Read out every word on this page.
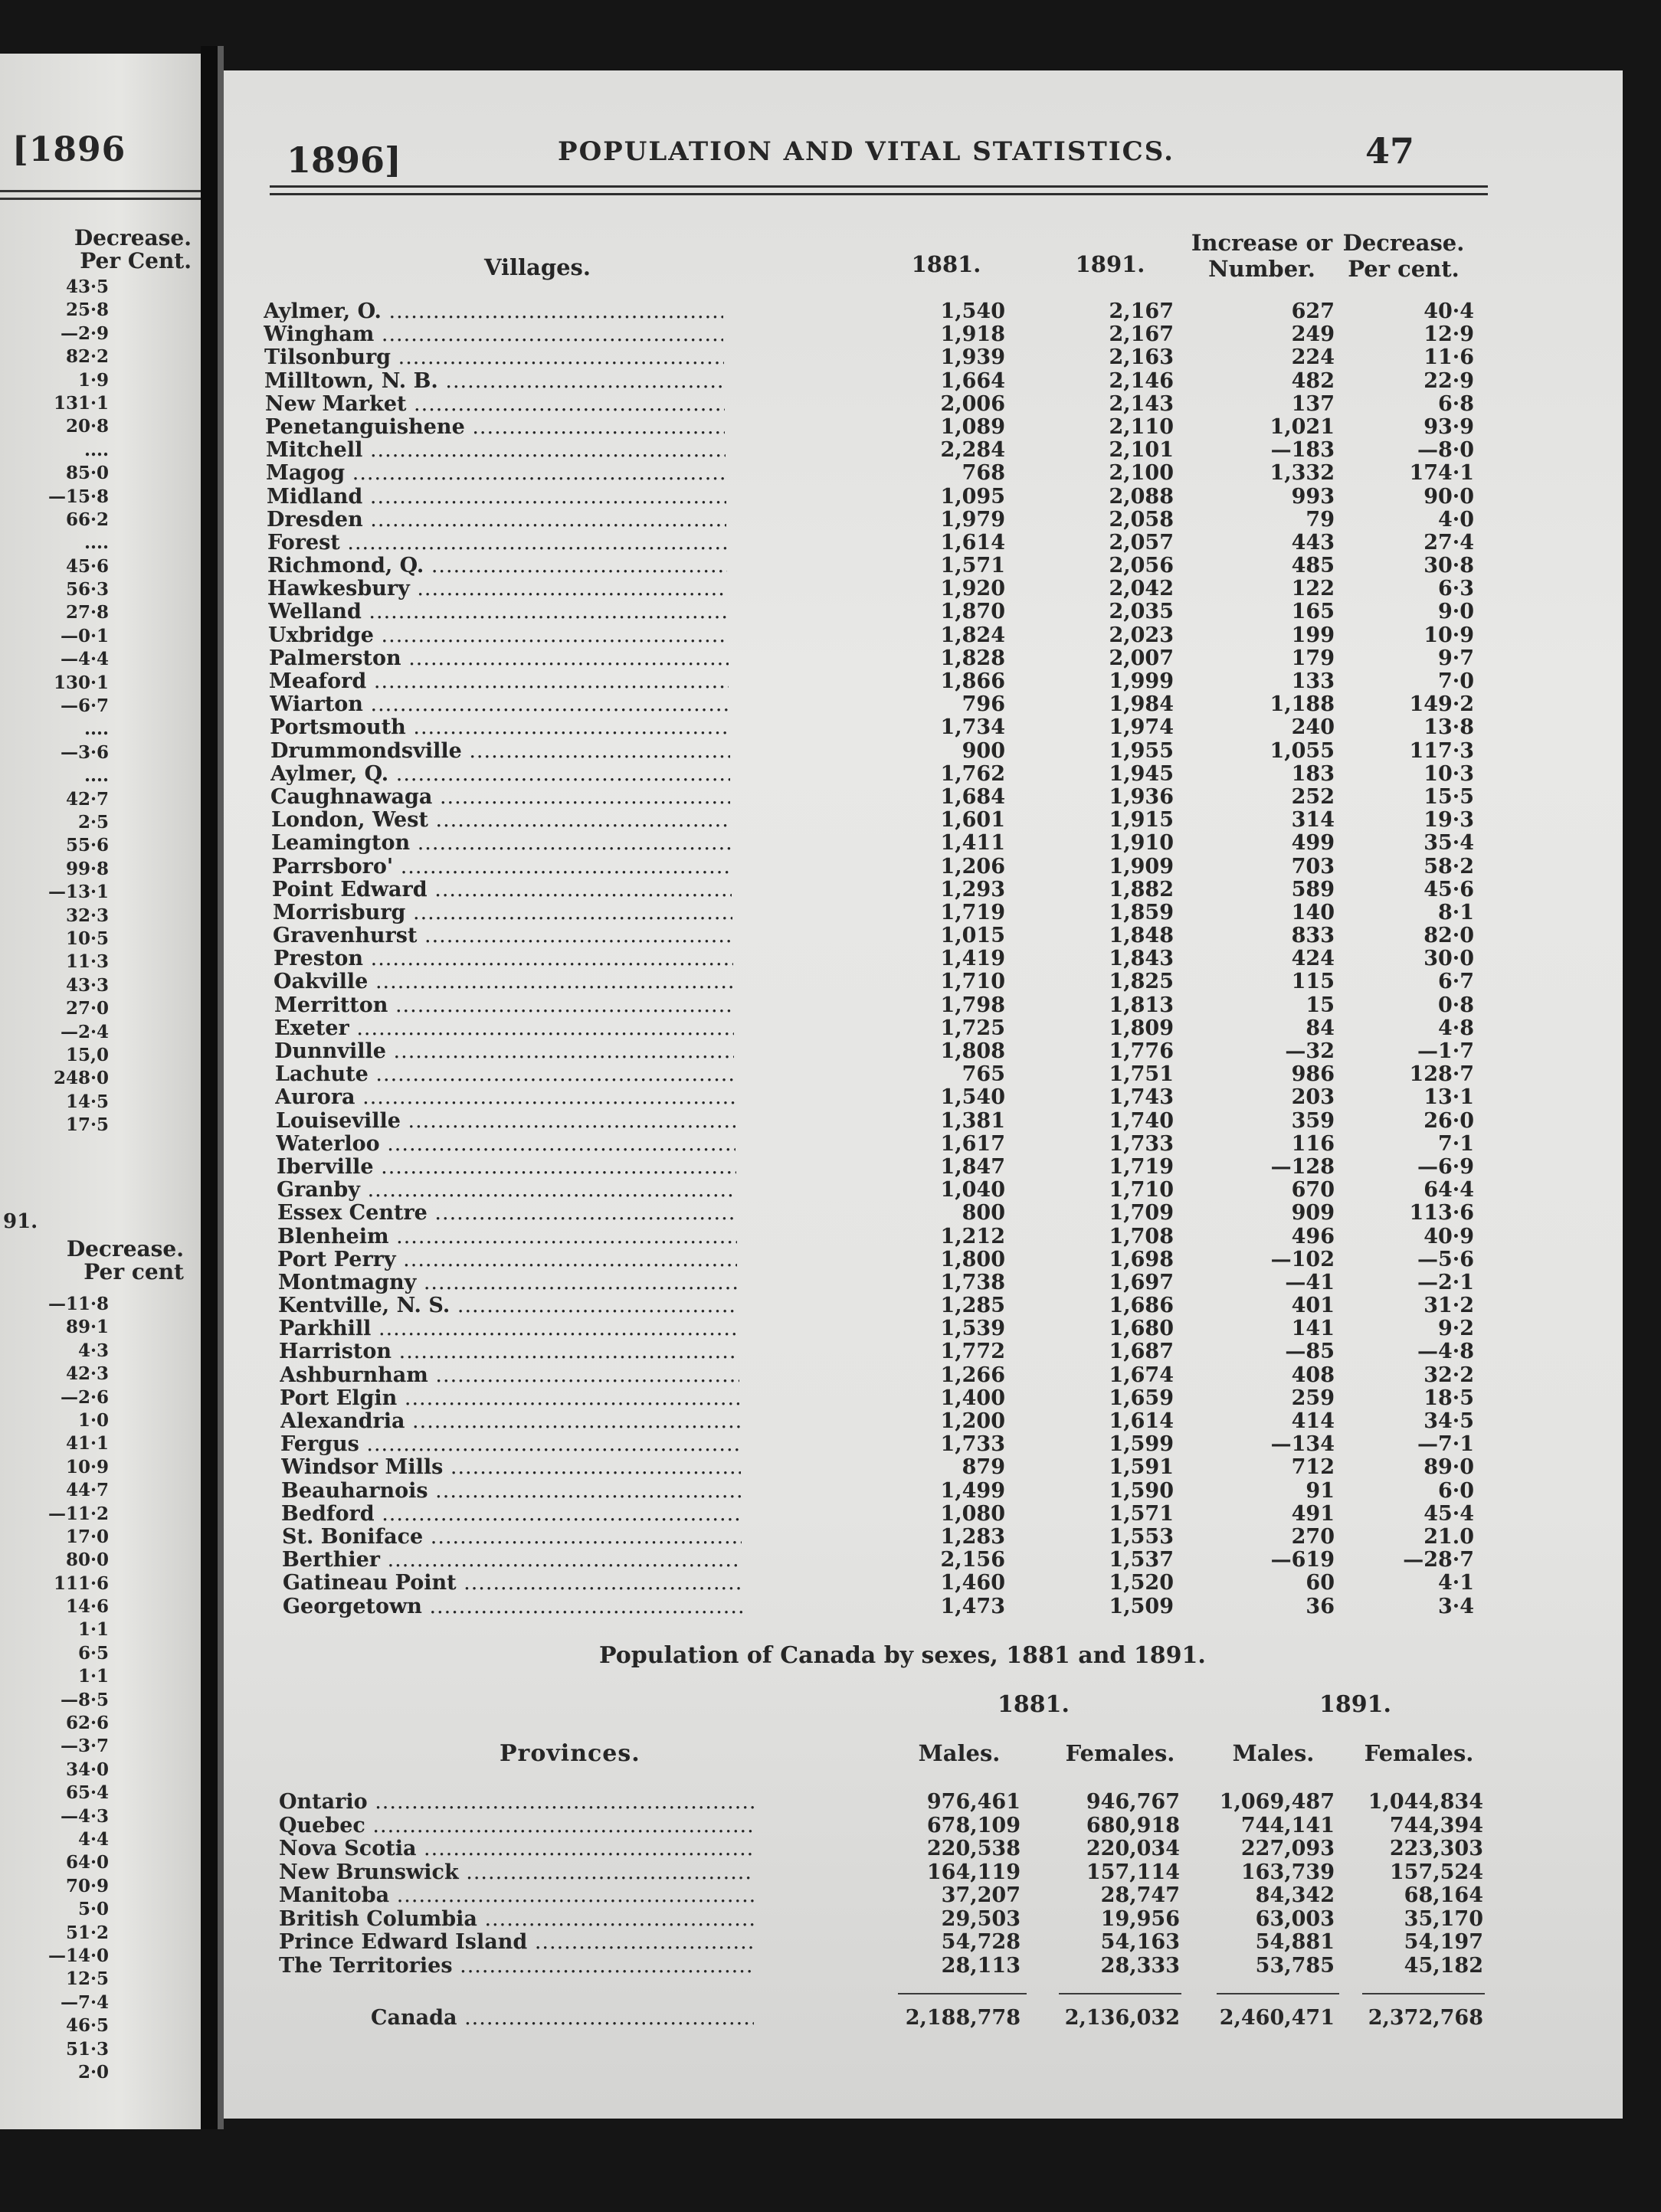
[1896
Decrease.
Per Cent.
43·5
25·8
—2·9
82·2
1·9
131·1
20·8
....
85·0
—15·8
66·2
....
45·6
56·3
27·8
—0·1
—4·4
130·1
—6·7
....
—3·6
....
42·7
2·5
55·6
99·8
—13·1
32·3
10·5
11·3
43·3
27·0
—2·4
15,0
248·0
14·5
17·5
91.
Decrease.
Per cent
—11·8
89·1
4·3
42·3
—2·6
1·0
41·1
10·9
44·7
—11·2
17·0
80·0
111·6
14·6
1·1
6·5
1·1
—8·5
62·6
—3·7
34·0
65·4
—4·3
4·4
64·0
70·9
5·0
51·2
—14·0
12·5
—7·4
46·5
51·3
2·0
1896]	POPULATION AND VITAL STATISTICS.	47
Villages.	1881.	1891.
Increase or
Number.
Decrease.
Per cent.
Aylmer, O. .....	1,540	2,167	627	40·4
Wingham .....	1,918	2,167	249	12·9
Tilsonburg .....	1,939	2,163	224	11·6
Milltown, N. B. .....	1,664	2,146	482	22·9
New Market .....	2,006	2,143	137	6·8
Penetanguishene .....	1,089	2,110	1,021	93·9
Mitchell .....	2,284	2,101	—183	—8·0
Magog .....	768	2,100	1,332	174·1
Midland .....	1,095	2,088	993	90·0
Dresden .....	1,979	2,058	79	4·0
Forest .....	1,614	2,057	443	27·4
Richmond, Q. .....	1,571	2,056	485	30·8
Hawkesbury .....	1,920	2,042	122	6·3
Welland .....	1,870	2,035	165	9·0
Uxbridge .....	1,824	2,023	199	10·9
Palmerston .....	1,828	2,007	179	9·7
Meaford .....	1,866	1,999	133	7·0
Wiarton .....	796	1,984	1,188	149·2
Portsmouth .....	1,734	1,974	240	13·8
Drummondsville .....	900	1,955	1,055	117·3
Aylmer, Q. .....	1,762	1,945	183	10·3
Caughnawaga .....	1,684	1,936	252	15·5
London, West .....	1,601	1,915	314	19·3
Leamington .....	1,411	1,910	499	35·4
Parrsboro' .....	1,206	1,909	703	58·2
Point Edward .....	1,293	1,882	589	45·6
Morrisburg .....	1,719	1,859	140	8·1
Gravenhurst .....	1,015	1,848	833	82·0
Preston .....	1,419	1,843	424	30·0
Oakville .....	1,710	1,825	115	6·7
Merritton .....	1,798	1,813	15	0·8
Exeter .....	1,725	1,809	84	4·8
Dunnville .....	1,808	1,776	—32	—1·7
Lachute .....	765	1,751	986	128·7
Aurora .....	1,540	1,743	203	13·1
Louiseville .....	1,381	1,740	359	26·0
Waterloo .....	1,617	1,733	116	7·1
Iberville .....	1,847	1,719	—128	—6·9
Granby .....	1,040	1,710	670	64·4
Essex Centre .....	800	1,709	909	113·6
Blenheim .....	1,212	1,708	496	40·9
Port Perry .....	1,800	1,698	—102	—5·6
Montmagny .....	1,738	1,697	—41	—2·1
Kentville, N. S. .....	1,285	1,686	401	31·2
Parkhill .....	1,539	1,680	141	9·2
Harriston .....	1,772	1,687	—85	—4·8
Ashburnham .....	1,266	1,674	408	32·2
Port Elgin .....	1,400	1,659	259	18·5
Alexandria .....	1,200	1,614	414	34·5
Fergus .....	1,733	1,599	—134	—7·1
Windsor Mills .....	879	1,591	712	89·0
Beauharnois .....	1,499	1,590	91	6·0
Bedford .....	1,080	1,571	491	45·4
St. Boniface .....	1,283	1,553	270	21.0
Berthier .....	2,156	1,537	—619	—28·7
Gatineau Point .....	1,460	1,520	60	4·1
Georgetown .....	1,473	1,509	36	3·4
Population of Canada by sexes, 1881 and 1891.
1881.	1891.
Provinces.	Males.	Females.	Males.	Females.
Ontario .....	976,461	946,767	1,069,487	1,044,834
Quebec .....	678,109	680,918	744,141	744,394
Nova Scotia .....	220,538	220,034	227,093	223,303
New Brunswick .....	164,119	157,114	163,739	157,524
Manitoba .....	37,207	28,747	84,342	68,164
British Columbia .....	29,503	19,956	63,003	35,170
Prince Edward Island .....	54,728	54,163	54,881	54,197
The Territories .....	28,113	28,333	53,785	45,182
Canada .....	2,188,778	2,136,032	2,460,471	2,372,768
